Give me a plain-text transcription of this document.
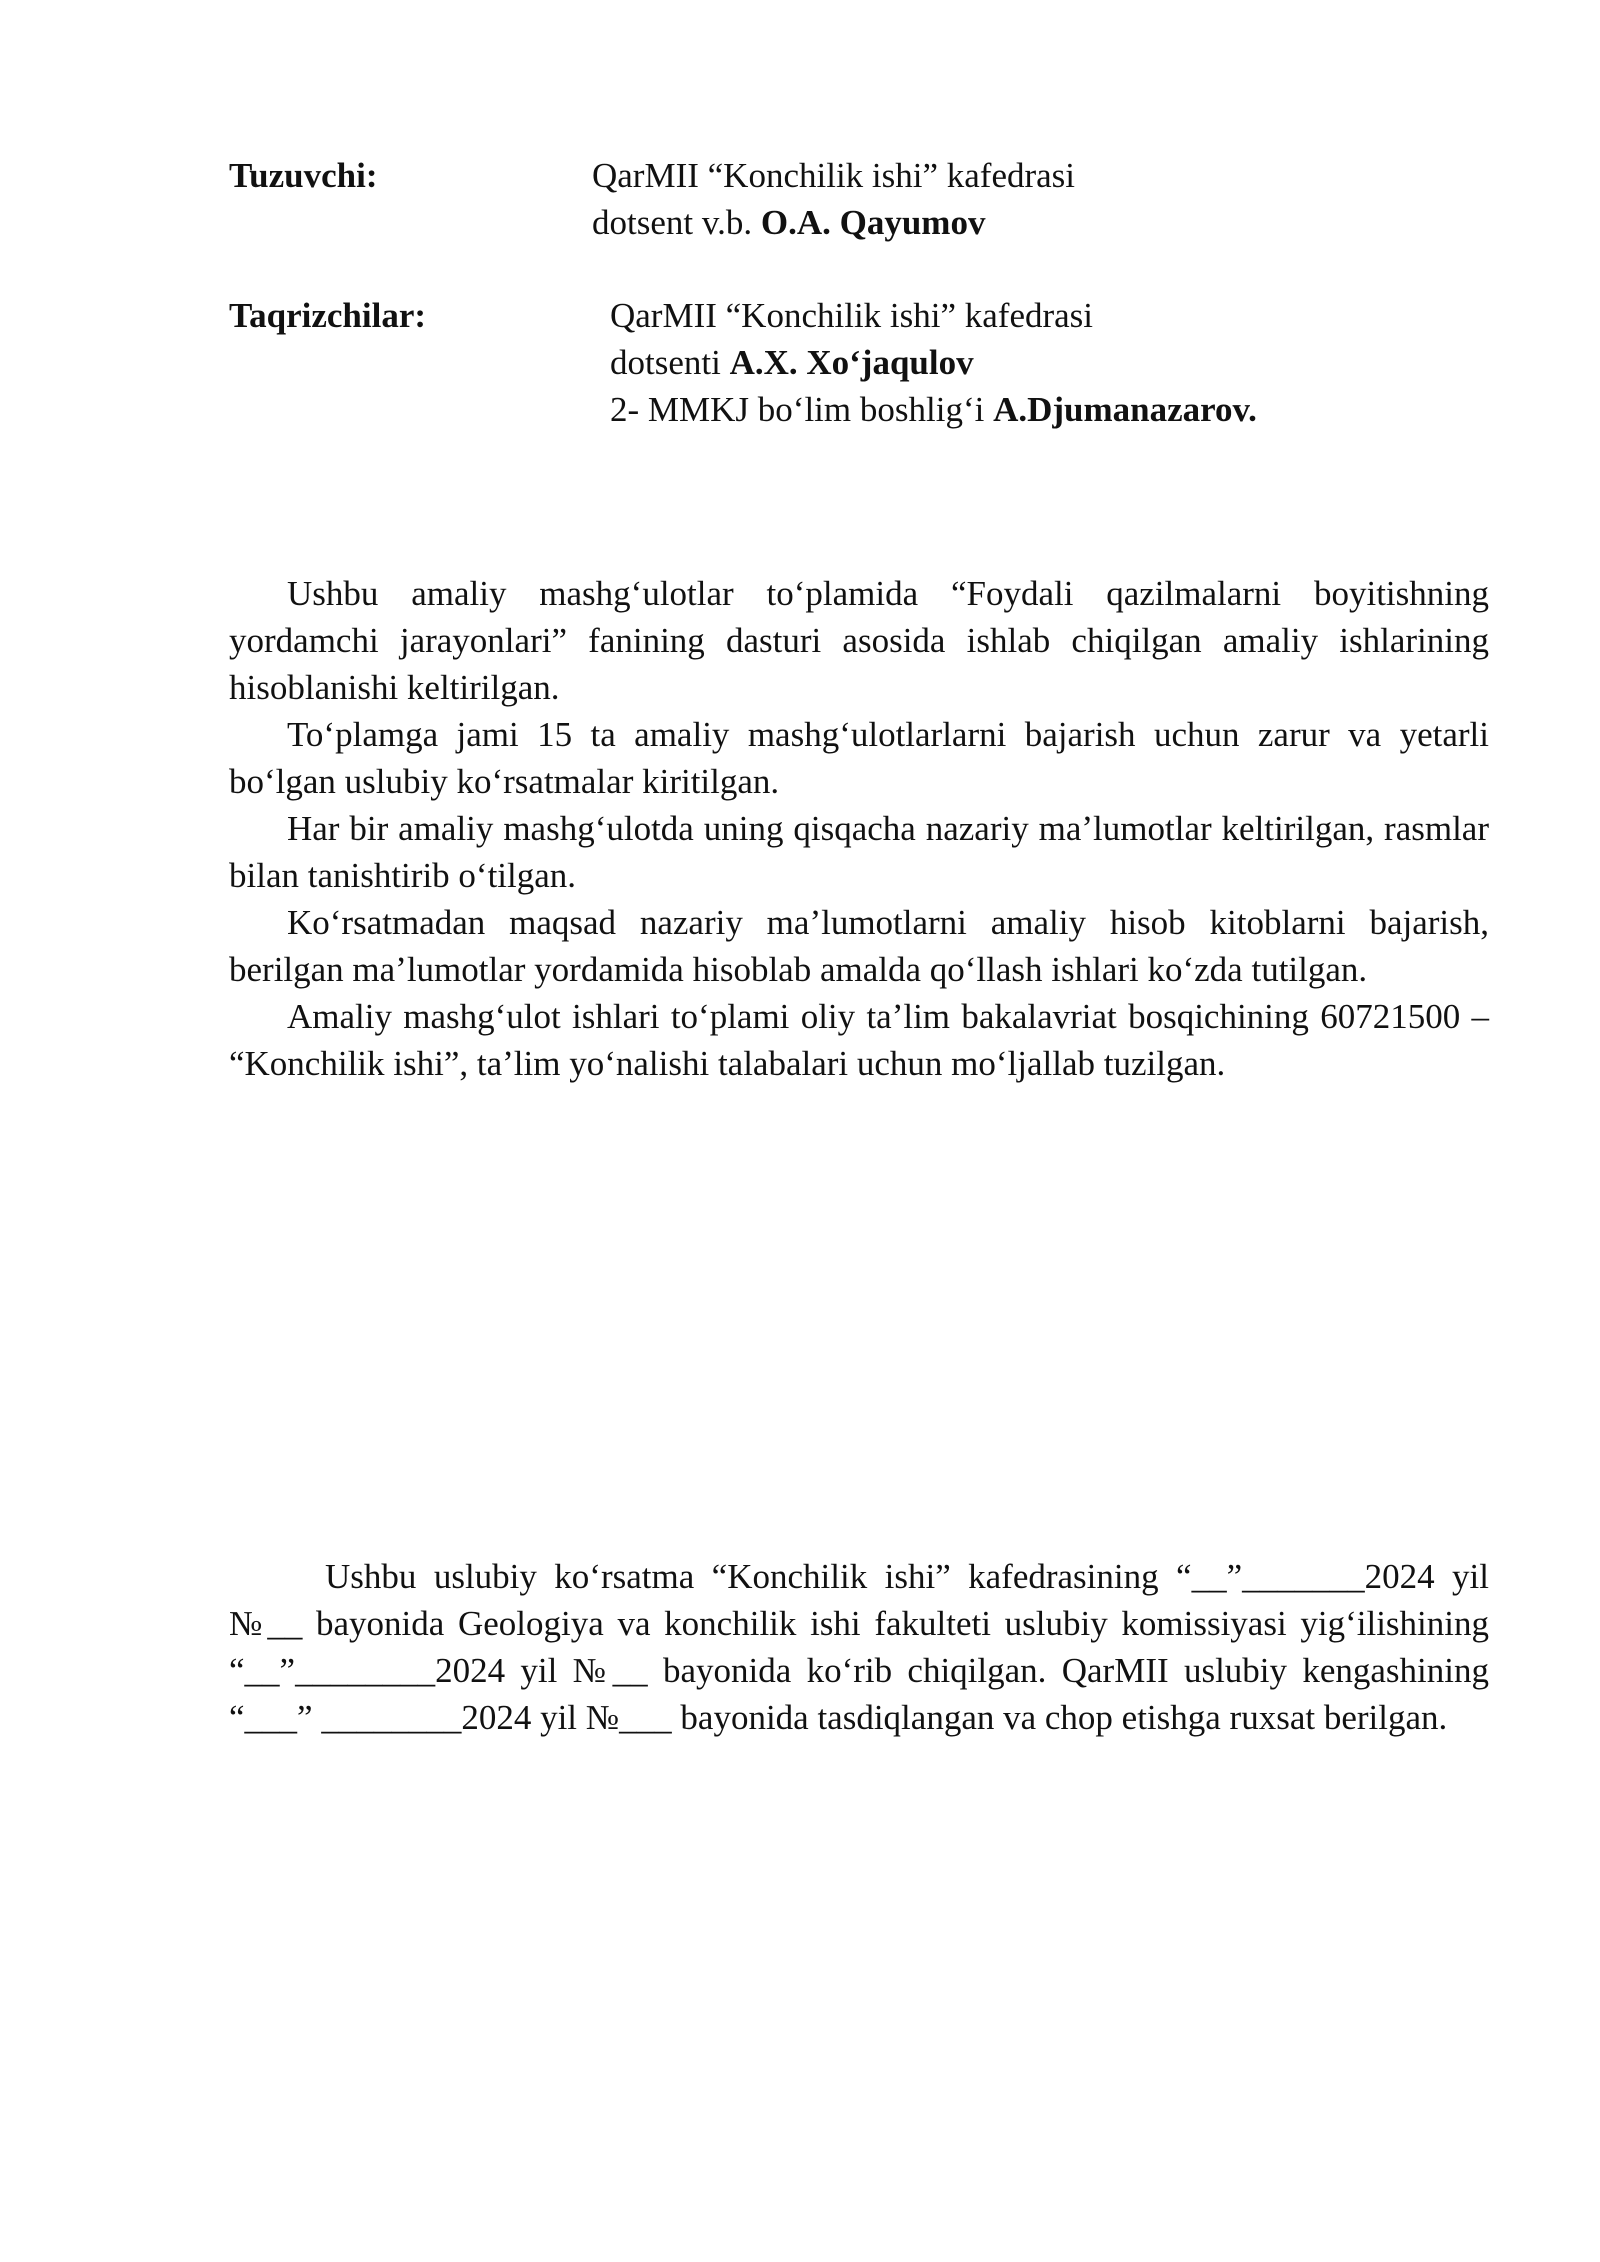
Tuzuvchi:	QarMII “Konchilik ishi” kafedrasi
dotsent v.b. O.A. Qayumov
Taqrizchilar:	QarMII “Konchilik ishi” kafedrasi
dotsenti A.X. Xoʻjaqulov
2- MMKJ boʻlim boshligʻi A.Djumanazarov.

Ushbu amaliy mashgʻulotlar toʻplamida “Foydali qazilmalarni boyitishning yordamchi jarayonlari” fanining dasturi asosida ishlab chiqilgan amaliy ishlarining hisoblanishi keltirilgan.

Toʻplamga jami 15 ta amaliy mashgʻulotlarlarni bajarish uchun zarur va yetarli boʻlgan uslubiy koʻrsatmalar kiritilgan.

Har bir amaliy mashgʻulotda uning qisqacha nazariy maʼlumotlar keltirilgan, rasmlar bilan tanishtirib oʻtilgan.

Koʻrsatmadan maqsad nazariy maʼlumotlarni amaliy hisob kitoblarni bajarish, berilgan maʼlumotlar yordamida hisoblab amalda qoʻllash ishlari koʻzda tutilgan.

Amaliy mashgʻulot ishlari toʻplami oliy taʼlim bakalavriat bosqichining 60721500 – “Konchilik ishi”, taʼlim yoʻnalishi talabalari uchun moʻljallab tuzilgan.

Ushbu uslubiy koʻrsatma “Konchilik ishi” kafedrasining “__”_______2024 yil №__ bayonida Geologiya va konchilik ishi fakulteti uslubiy komissiyasi yigʻilishining “__”________2024 yil №__ bayonida koʻrib chiqilgan. QarMII uslubiy kengashining “___” ________2024 yil №___ bayonida tasdiqlangan va chop etishga ruxsat berilgan.
